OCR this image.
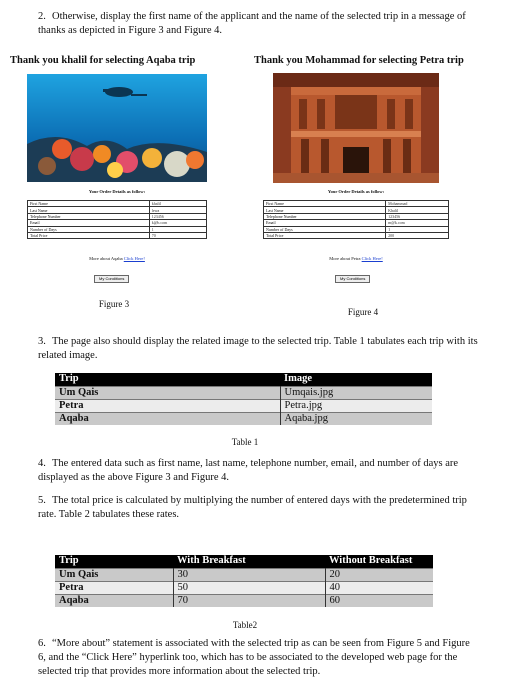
2. Otherwise, display the first name of the applicant and the name of the selected trip in a message of thanks as depicted in Figure 3 and Figure 4.
Thank you khalil for selecting Aqaba trip
Your Order Details as follow:
First Name	khalil
Last Name	lewa
Telephone Number	123456
Email	k@h.com
Number of Days	1
Total Price	70
More about Aqaba Click Here!
My Conditions
Figure 3
Thank you Mohammad for selecting Petra trip
Your Order Details as follow:
First Name	Mohammad
Last Name	Khalil
Telephone Number	123456
Email	m@k.com
Number of Days	1
Total Price	200
More about Petra Click Here!
My Conditions
Figure 4
3. The page also should display the related image to the selected trip. Table 1 tabulates each trip with its related image.
Trip	Image
Um Qais	Umqais.jpg
Petra	Petra.jpg
Aqaba	Aqaba.jpg
Table 1
4. The entered data such as first name, last name, telephone number, email, and number of days are displayed as the above Figure 3 and Figure 4.
5. The total price is calculated by multiplying the number of entered days with the predetermined trip rate. Table 2 tabulates these rates.
Trip	With Breakfast	Without Breakfast
Um Qais	30	20
Petra	50	40
Aqaba	70	60
Table2
6. “More about” statement is associated with the selected trip as can be seen from Figure 5 and Figure 6, and the “Click Here” hyperlink too, which has to be associated to the developed web page for the selected trip that provides more information about the selected trip.
